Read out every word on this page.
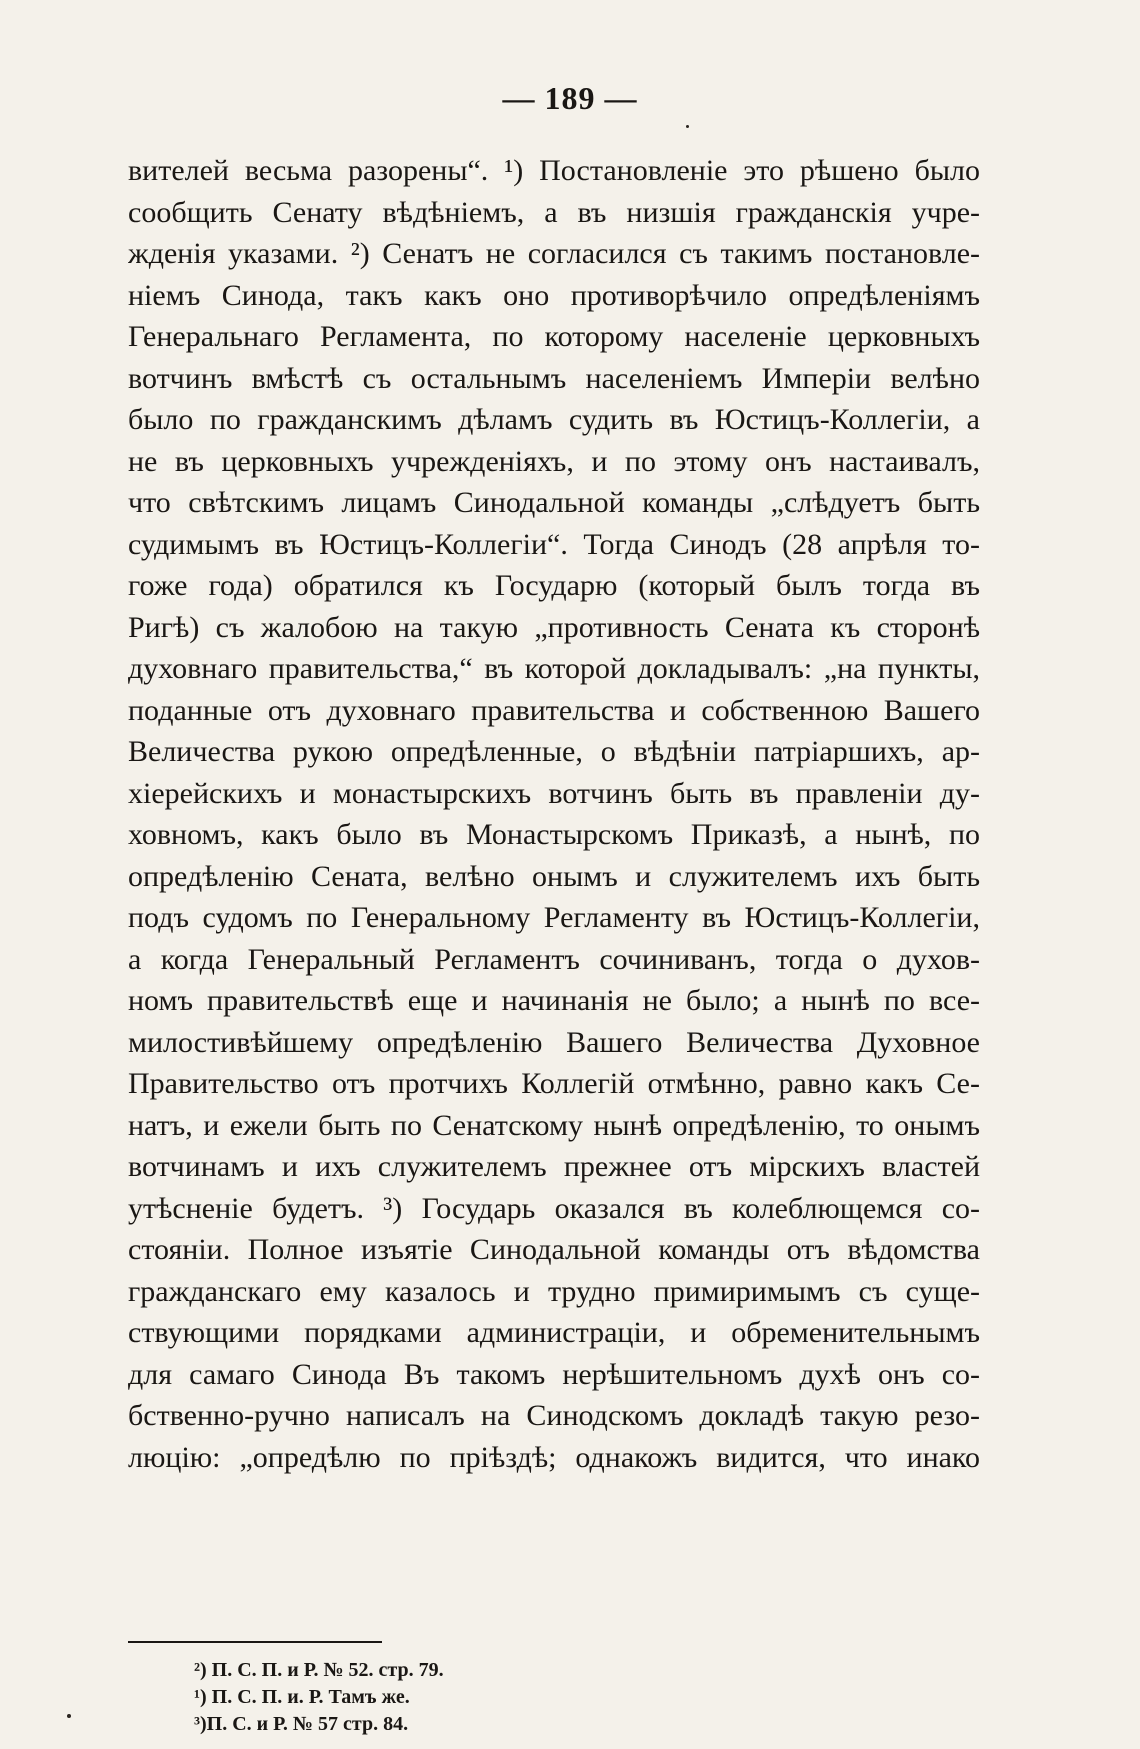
— 189 —
вителей весьма разорены“. ¹) Постановленіе это рѣшено было
сообщить Сенату вѣдѣніемъ, а въ низшія гражданскія учре-
жденія указами. ²) Сенатъ не согласился съ такимъ постановле-
ніемъ Синода, такъ какъ оно противорѣчило опредѣленіямъ
Генеральнаго Регламента, по которому населеніе церковныхъ
вотчинъ вмѣстѣ съ остальнымъ населеніемъ Имперіи велѣно
было по гражданскимъ дѣламъ судить въ Юстицъ-Коллегіи, а
не въ церковныхъ учрежденіяхъ, и по этому онъ настаивалъ,
что свѣтскимъ лицамъ Синодальной команды „слѣдуетъ быть
судимымъ въ Юстицъ-Коллегіи“. Тогда Синодъ (28 апрѣля то-
гоже года) обратился къ Государю (который былъ тогда въ
Ригѣ) съ жалобою на такую „противность Сената къ сторонѣ
духовнаго правительства,“ въ которой докладывалъ: „на пункты,
поданные отъ духовнаго правительства и собственною Вашего
Величества рукою опредѣленные, о вѣдѣніи патріаршихъ, ар-
хіерейскихъ и монастырскихъ вотчинъ быть въ правленіи ду-
ховномъ, какъ было въ Монастырскомъ Приказѣ, а нынѣ, по
опредѣленію Сената, велѣно онымъ и служителемъ ихъ быть
подъ судомъ по Генеральному Регламенту въ Юстицъ-Коллегіи,
а когда Генеральный Регламентъ сочиниванъ, тогда о духов-
номъ правительствѣ еще и начинанія не было; а нынѣ по все-
милостивѣйшему опредѣленію Вашего Величества Духовное
Правительство отъ протчихъ Коллегій отмѣнно, равно какъ Се-
натъ, и ежели быть по Сенатскому нынѣ опредѣленію, то онымъ
вотчинамъ и ихъ служителемъ прежнее отъ мірскихъ властей
утѣсненіе будетъ. ³) Государь оказался въ колеблющемся со-
стояніи. Полное изъятіе Синодальной команды отъ вѣдомства
гражданскаго ему казалось и трудно примиримымъ съ суще-
ствующими порядками администраціи, и обременительнымъ
для самаго Синода Въ такомъ нерѣшительномъ духѣ онъ со-
бственно-ручно написалъ на Синодскомъ докладѣ такую резо-
люцію: „опредѣлю по пріѣздѣ; однакожъ видится, что инако
²) П. С. П. и Р. № 52. стр. 79.
¹) П. С. П. и. Р. Тамъ же.
³)П. С. и Р. № 57 стр. 84.
